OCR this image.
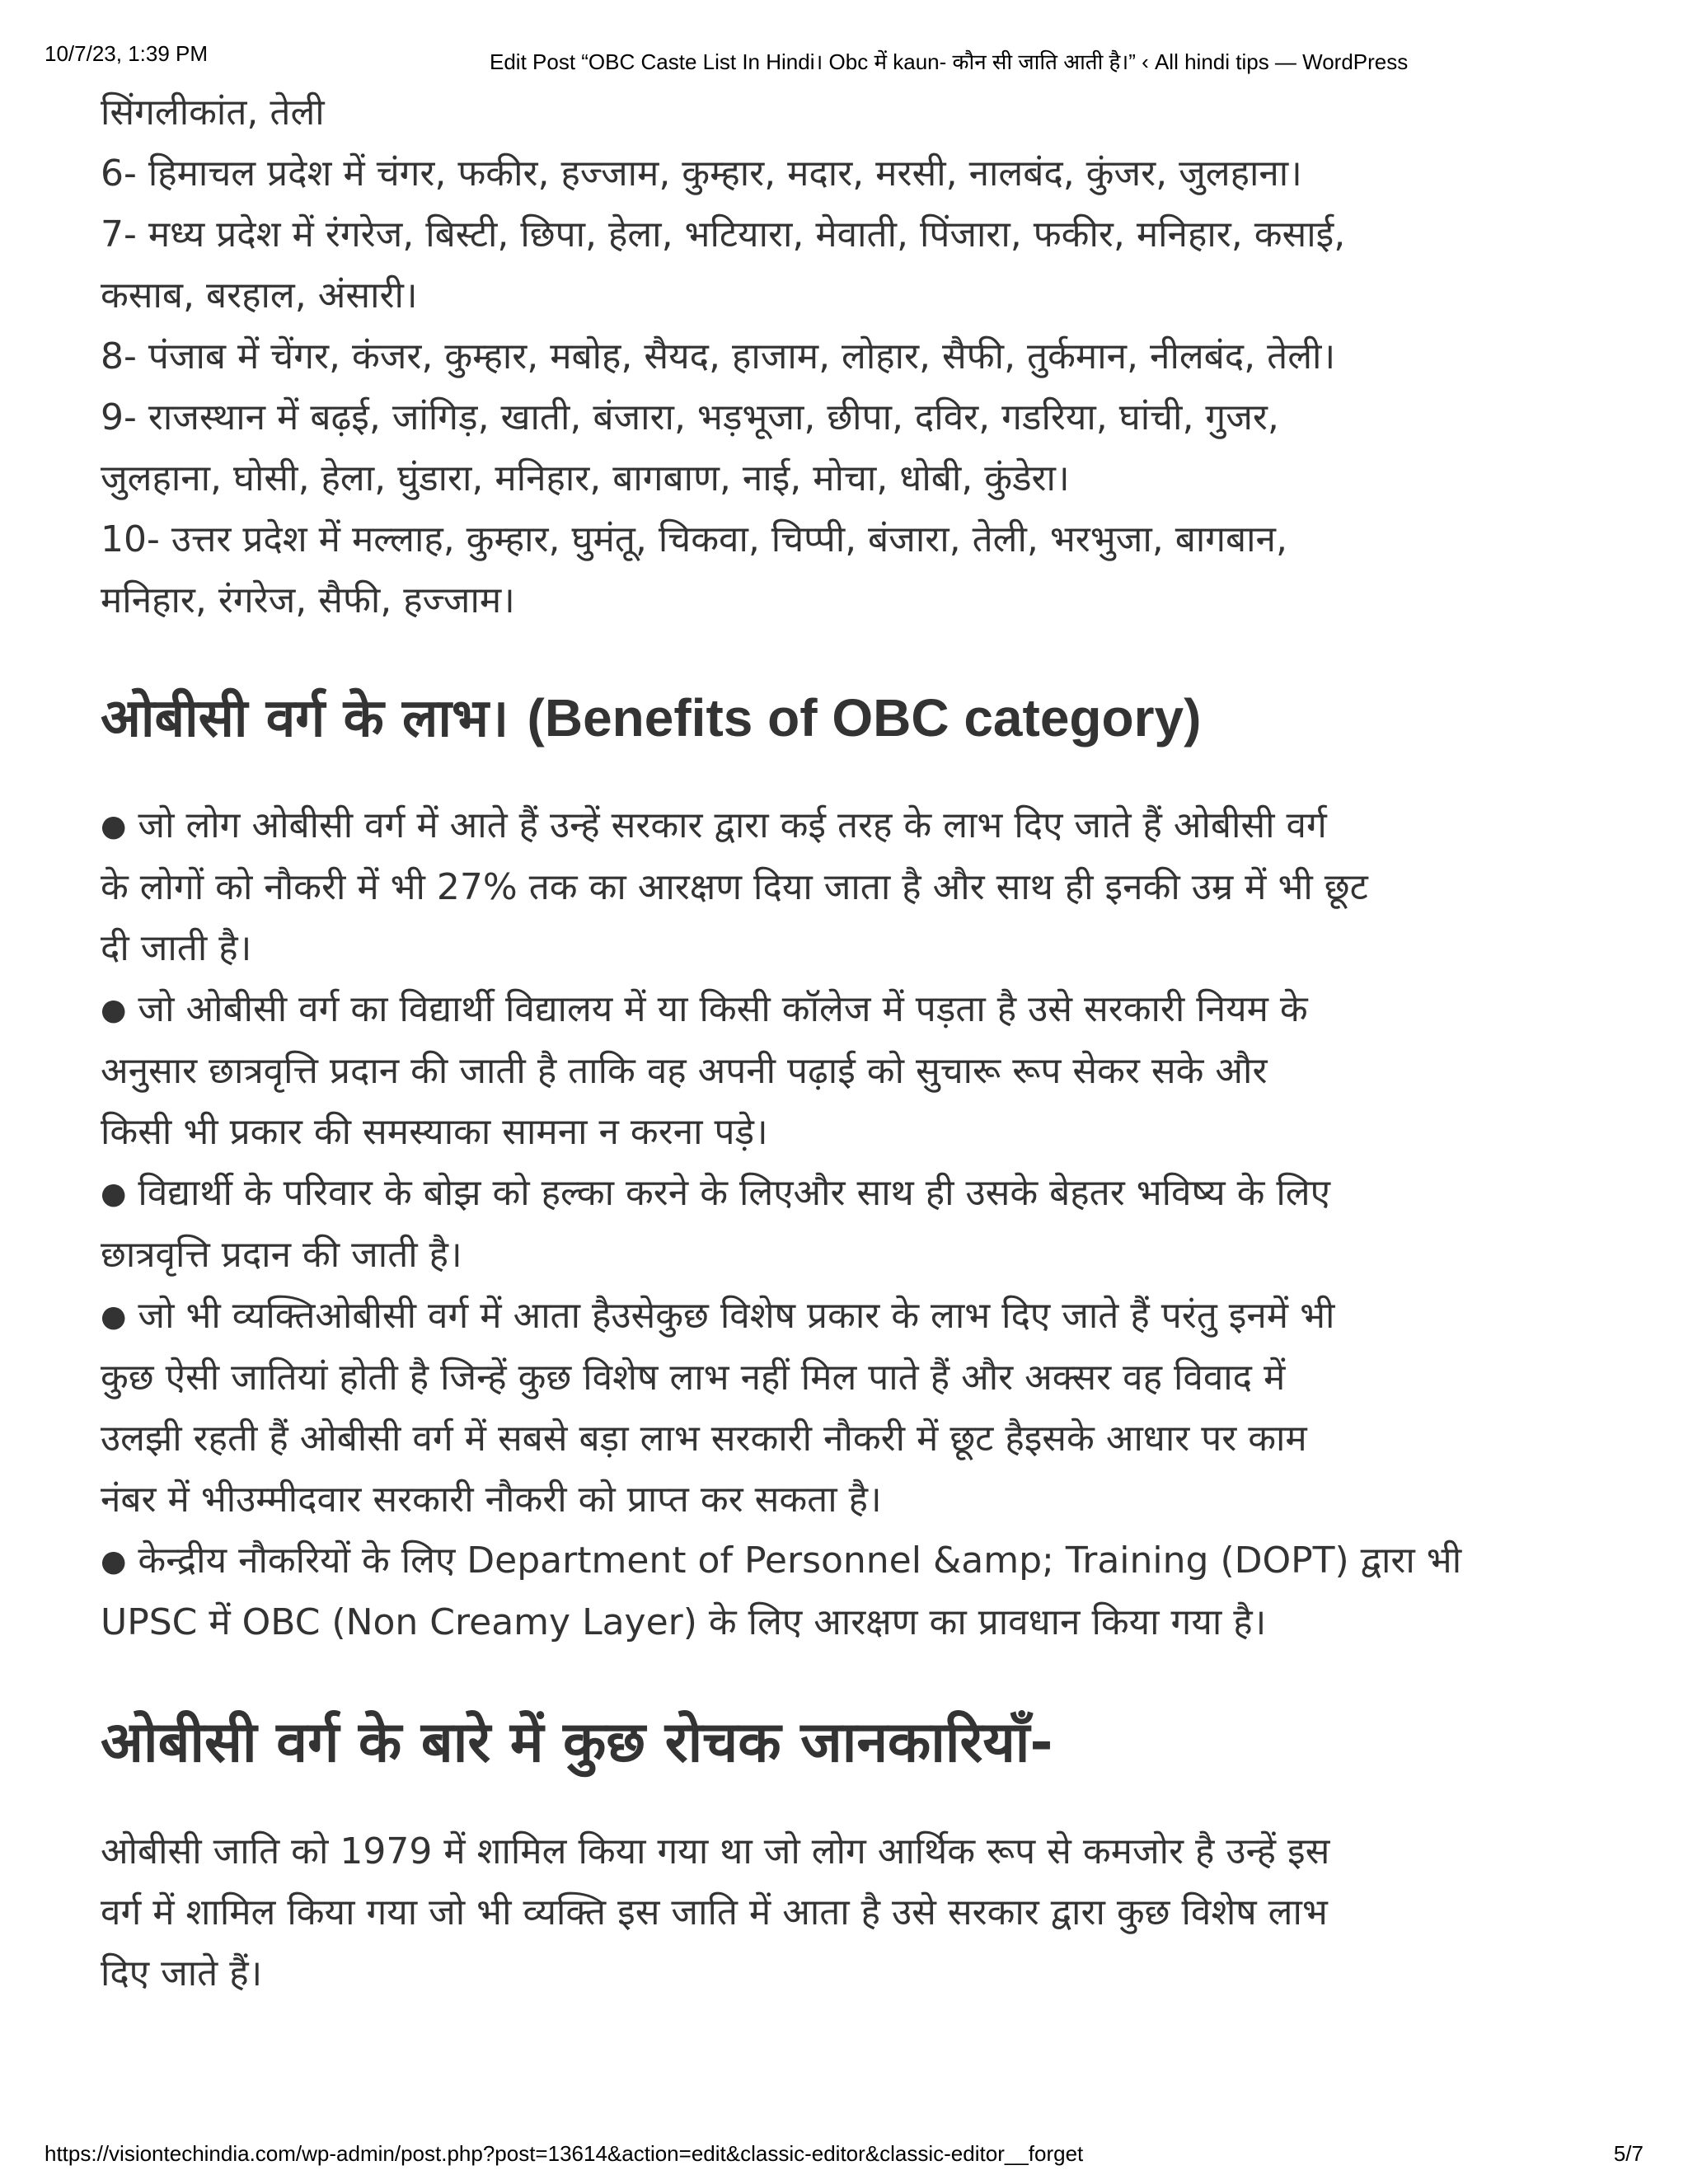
10/7/23, 1:39 PM	Edit Post “OBC Caste List In Hindi। Obc में kaun- कौन सी जाति आती है।” ‹ All hindi tips — WordPress

सिंगलीकांत, तेली

6- हिमाचल प्रदेश में चंगर, फकीर, हज्जाम, कुम्हार, मदार, मरसी, नालबंद, कुंजर, जुलहाना।

7- मध्य प्रदेश में रंगरेज, बिस्टी, छिपा, हेला, भटियारा, मेवाती, पिंजारा, फकीर, मनिहार, कसाई,
कसाब, बरहाल, अंसारी।

8- पंजाब में चेंगर, कंजर, कुम्हार, मबोह, सैयद, हाजाम, लोहार, सैफी, तुर्कमान, नीलबंद, तेली।

9- राजस्थान में बढ़ई, जांगिड़, खाती, बंजारा, भड़भूजा, छीपा, दविर, गडरिया, घांची, गुजर,
जुलहाना, घोसी, हेला, घुंडारा, मनिहार, बागबाण, नाई, मोचा, धोबी, कुंडेरा।

10- उत्तर प्रदेश में मल्लाह, कुम्हार, घुमंतू, चिकवा, चिप्पी, बंजारा, तेली, भरभुजा, बागबान,
मनिहार, रंगरेज, सैफी, हज्जाम।

ओबीसी वर्ग के लाभ। (Benefits of OBC category)
● जो लोग ओबीसी वर्ग में आते हैं उन्हें सरकार द्वारा कई तरह के लाभ दिए जाते हैं ओबीसी वर्ग
के लोगों को नौकरी में भी 27% तक का आरक्षण दिया जाता है और साथ ही इनकी उम्र में भी छूट
दी जाती है।
● जो ओबीसी वर्ग का विद्यार्थी विद्यालय में या किसी कॉलेज में पड़ता है उसे सरकारी नियम के
अनुसार छात्रवृत्ति प्रदान की जाती है ताकि वह अपनी पढ़ाई को सुचारू रूप सेकर सके और
किसी भी प्रकार की समस्याका सामना न करना पड़े।
● विद्यार्थी के परिवार के बोझ को हल्का करने के लिएऔर साथ ही उसके बेहतर भविष्य के लिए
छात्रवृत्ति प्रदान की जाती है।
● जो भी व्यक्तिओबीसी वर्ग में आता हैउसेकुछ विशेष प्रकार के लाभ दिए जाते हैं परंतु इनमें भी
कुछ ऐसी जातियां होती है जिन्हें कुछ विशेष लाभ नहीं मिल पाते हैं और अक्सर वह विवाद में
उलझी रहती हैं ओबीसी वर्ग में सबसे बड़ा लाभ सरकारी नौकरी में छूट हैइसके आधार पर काम
नंबर में भीउम्मीदवार सरकारी नौकरी को प्राप्त कर सकता है।
● केन्द्रीय नौकरियों के लिए Department of Personnel &amp; Training (DOPT) द्वारा भी
UPSC में OBC (Non Creamy Layer) के लिए आरक्षण का प्रावधान किया गया है।
ओबीसी वर्ग के बारे में कुछ रोचक जानकारियाँ-

ओबीसी जाति को 1979 में शामिल किया गया था जो लोग आर्थिक रूप से कमजोर है उन्हें इस
वर्ग में शामिल किया गया जो भी व्यक्ति इस जाति में आता है उसे सरकार द्वारा कुछ विशेष लाभ
दिए जाते हैं।

https://visiontechindia.com/wp-admin/post.php?post=13614&action=edit&classic-editor&classic-editor__forget	5/7
